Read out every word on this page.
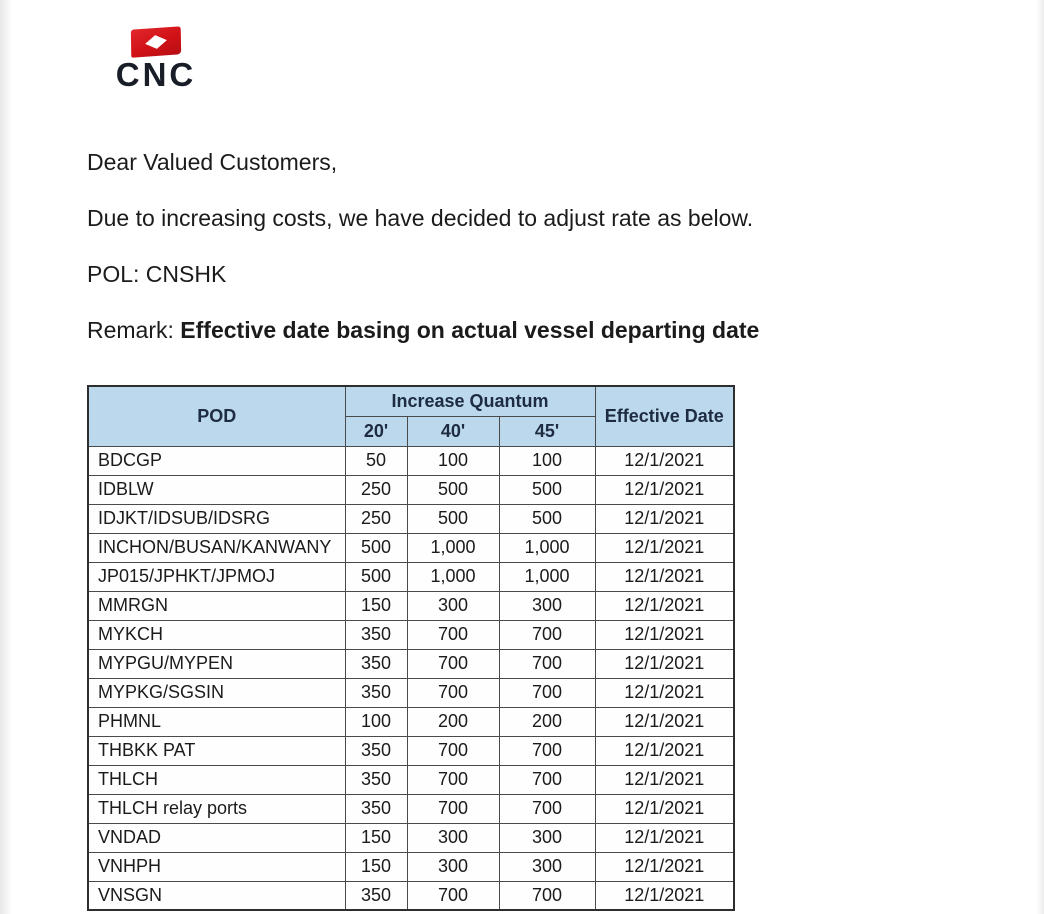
CNC

Dear Valued Customers,

Due to increasing costs, we have decided to adjust rate as below.

POL: CNSHK

Remark: Effective date basing on actual vessel departing date

POD	Increase Quantum			Effective Date
	20'	40'	45'	
BDCGP	50	100	100	12/1/2021
IDBLW	250	500	500	12/1/2021
IDJKT/IDSUB/IDSRG	250	500	500	12/1/2021
INCHON/BUSAN/KANWANY	500	1,000	1,000	12/1/2021
JP015/JPHKT/JPMOJ	500	1,000	1,000	12/1/2021
MMRGN	150	300	300	12/1/2021
MYKCH	350	700	700	12/1/2021
MYPGU/MYPEN	350	700	700	12/1/2021
MYPKG/SGSIN	350	700	700	12/1/2021
PHMNL	100	200	200	12/1/2021
THBKK PAT	350	700	700	12/1/2021
THLCH	350	700	700	12/1/2021
THLCH relay ports	350	700	700	12/1/2021
VNDAD	150	300	300	12/1/2021
VNHPH	150	300	300	12/1/2021
VNSGN	350	700	700	12/1/2021
